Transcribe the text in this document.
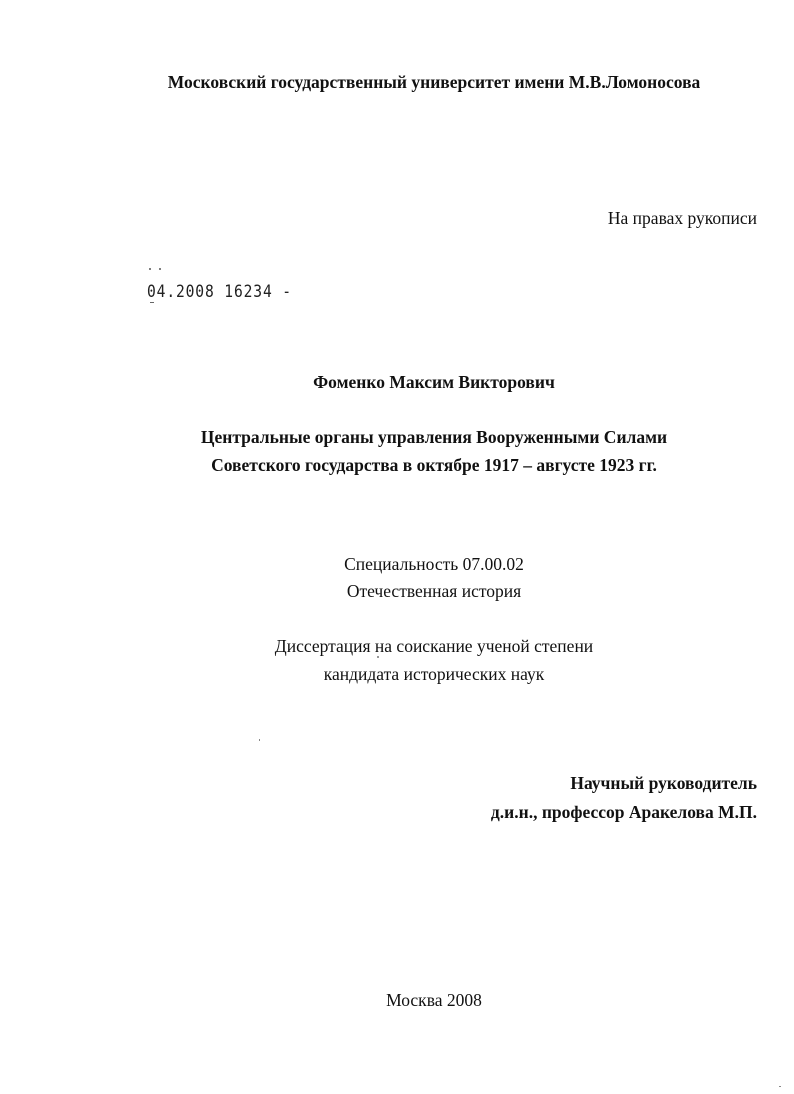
Московский государственный университет имени М.В.Ломоносова
На правах рукописи
04.2008 16234 -
Фоменко Максим Викторович
Центральные органы управления Вооруженными Силами
Советского государства в октябре 1917 – августе 1923 гг.
Специальность 07.00.02
Отечественная история
Диссертация на соискание ученой степени
кандидата исторических наук
Научный руководитель
д.и.н., профессор Аракелова М.П.
Москва 2008
